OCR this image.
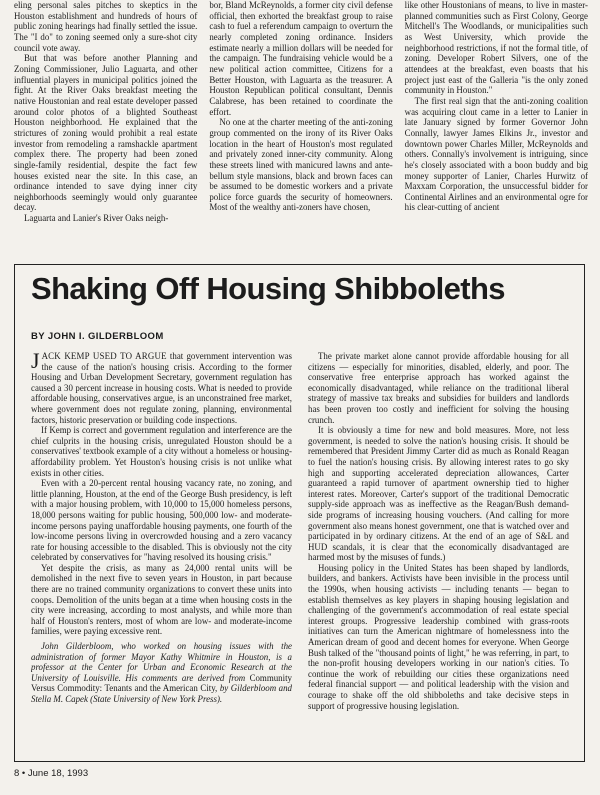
eling personal sales pitches to skeptics in the Houston establishment and hundreds of hours of public zoning hearings had finally settled the issue. The "I do" to zoning seemed only a sure-shot city council vote away.

But that was before another Planning and Zoning Commissioner, Julio Laguarta, and other influential players in municipal politics joined the fight. At the River Oaks breakfast meeting the native Houstonian and real estate developer passed around color photos of a blighted Southeast Houston neighborhood. He explained that the strictures of zoning would prohibit a real estate investor from remodeling a ramshackle apartment complex there. The property had been zoned single-family residential, despite the fact few houses existed near the site. In this case, an ordinance intended to save dying inner city neighborhoods seemingly would only guarantee decay.

Laguarta and Lanier's River Oaks neigh-

bor, Bland McReynolds, a former city civil defense official, then exhorted the breakfast group to raise cash to fuel a referendum campaign to overturn the nearly completed zoning ordinance. Insiders estimate nearly a million dollars will be needed for the campaign. The fundraising vehicle would be a new political action committee, Citizens for a Better Houston, with Laguarta as the treasurer. A Houston Republican political consultant, Dennis Calabrese, has been retained to coordinate the effort.

No one at the charter meeting of the anti-zoning group commented on the irony of its River Oaks location in the heart of Houston's most regulated and privately zoned inner-city community. Along these streets lined with manicured lawns and ante-bellum style mansions, black and brown faces can be assumed to be domestic workers and a private police force guards the security of homeowners. Most of the wealthy anti-zoners have chosen,

like other Houstonians of means, to live in master-planned communities such as First Colony, George Mitchell's The Woodlands, or municipalities such as West University, which provide the neighborhood restrictions, if not the formal title, of zoning. Developer Robert Silvers, one of the attendees at the breakfast, even boasts that his project just east of the Galleria "is the only zoned community in Houston."

The first real sign that the anti-zoning coalition was acquiring clout came in a letter to Lanier in late January signed by former Governor John Connally, lawyer James Elkins Jr., investor and downtown power Charles Miller, McReynolds and others. Connally's involvement is intriguing, since he's closely associated with a boon buddy and big money supporter of Lanier, Charles Hurwitz of Maxxam Corporation, the unsuccessful bidder for Continental Airlines and an environmental ogre for his clear-cutting of ancient

Shaking Off Housing Shibboleths
BY JOHN I. GILDERBLOOM

JACK KEMP USED TO ARGUE that government intervention was the cause of the nation's housing crisis. According to the former Housing and Urban Development Secretary, government regulation has caused a 30 percent increase in housing costs. What is needed to provide affordable housing, conservatives argue, is an unconstrained free market, where government does not regulate zoning, planning, environmental factors, historic preservation or building code inspections.

If Kemp is correct and government regulation and interference are the chief culprits in the housing crisis, unregulated Houston should be a conservatives' textbook example of a city without a homeless or housing-affordability problem. Yet Houston's housing crisis is not unlike what exists in other cities.

Even with a 20-percent rental housing vacancy rate, no zoning, and little planning, Houston, at the end of the George Bush presidency, is left with a major housing problem, with 10,000 to 15,000 homeless persons, 18,000 persons waiting for public housing, 500,000 low- and moderate-income persons paying unaffordable housing payments, one fourth of the low-income persons living in overcrowded housing and a zero vacancy rate for housing accessible to the disabled. This is obviously not the city celebrated by conservatives for "having resolved its housing crisis."

Yet despite the crisis, as many as 24,000 rental units will be demolished in the next five to seven years in Houston, in part because there are no trained community organizations to convert these units into coops. Demolition of the units began at a time when housing costs in the city were increasing, according to most analysts, and while more than half of Houston's renters, most of whom are low- and moderate-income families, were paying excessive rent.

John Gilderbloom, who worked on housing issues with the administration of former Mayor Kathy Whitmire in Houston, is a professor at the Center for Urban and Economic Research at the University of Louisville. His comments are derived from Community Versus Commodity: Tenants and the American City, by Gilderbloom and Stella M. Capek (State University of New York Press).

The private market alone cannot provide affordable housing for all citizens — especially for minorities, disabled, elderly, and poor. The conservative free enterprise approach has worked against the economically disadvantaged, while reliance on the traditional liberal strategy of massive tax breaks and subsidies for builders and landlords has been proven too costly and inefficient for solving the housing crunch.

It is obviously a time for new and bold measures. More, not less government, is needed to solve the nation's housing crisis. It should be remembered that President Jimmy Carter did as much as Ronald Reagan to fuel the nation's housing crisis. By allowing interest rates to go sky high and supporting accelerated depreciation allowances, Carter guaranteed a rapid turnover of apartment ownership tied to higher interest rates. Moreover, Carter's support of the traditional Democratic supply-side approach was as ineffective as the Reagan/Bush demand-side programs of increasing housing vouchers. (And calling for more government also means honest government, one that is watched over and participated in by ordinary citizens. At the end of an age of S&L and HUD scandals, it is clear that the economically disadvantaged are harmed most by the misuses of funds.)

Housing policy in the United States has been shaped by landlords, builders, and bankers. Activists have been invisible in the process until the 1990s, when housing activists — including tenants — began to establish themselves as key players in shaping housing legislation and challenging of the government's accommodation of real estate special interest groups. Progressive leadership combined with grass-roots initiatives can turn the American nightmare of homelessness into the American dream of good and decent homes for everyone. When George Bush talked of the "thousand points of light," he was referring, in part, to the non-profit housing developers working in our nation's cities. To continue the work of rebuilding our cities these organizations need federal financial support — and political leadership with the vision and courage to shake off the old shibboleths and take decisive steps in support of progressive housing legislation.

8 • June 18, 1993
